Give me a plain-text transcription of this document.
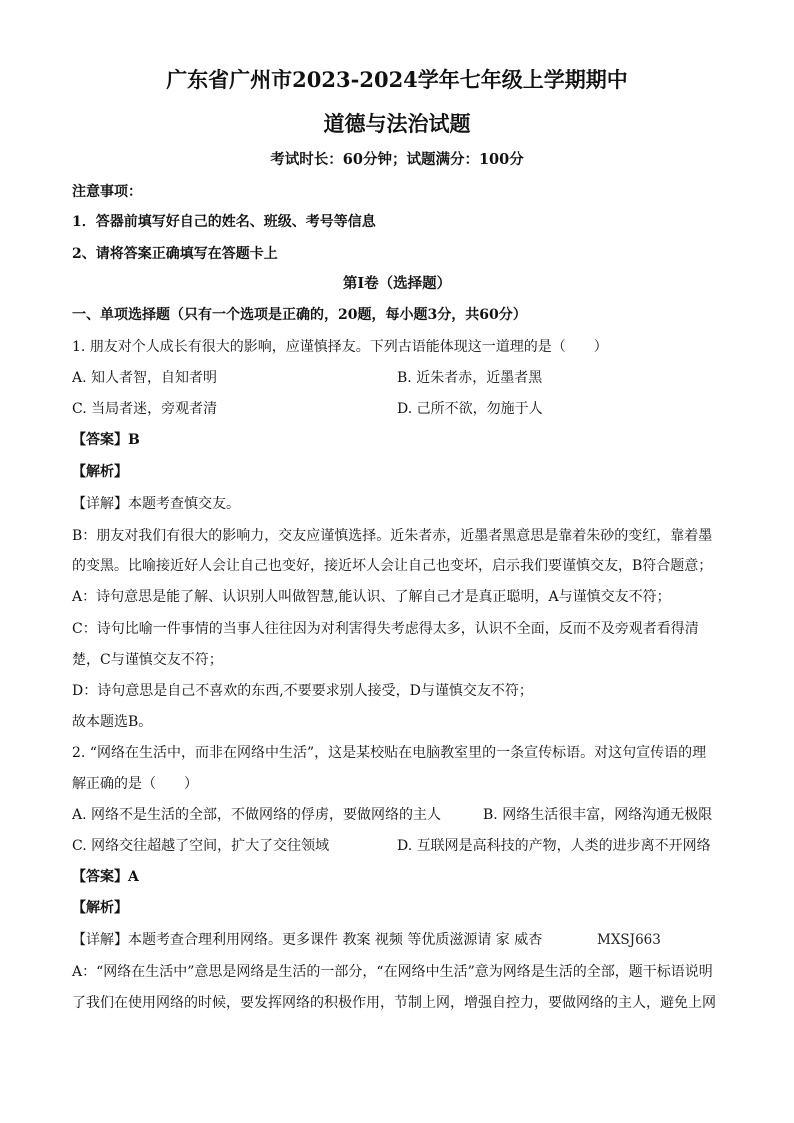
广东省广州市2023-2024学年七年级上学期期中
道德与法治试题
考试时长：60分钟；试题满分：100分
注意事项：
1．答器前填写好自己的姓名、班级、考号等信息
2、请将答案正确填写在答题卡上
第I卷（选择题）
一、单项选择题（只有一个选项是正确的，20题，每小题3分，共60分）
1. 朋友对个人成长有很大的影响，应谨慎择友。下列古语能体现这一道理的是（　　）
A. 知人者智，自知者明	B. 近朱者赤，近墨者黑
C. 当局者迷，旁观者清	D. 己所不欲，勿施于人
【答案】B
【解析】
【详解】本题考查慎交友。
B：朋友对我们有很大的影响力，交友应谨慎选择。近朱者赤，近墨者黑意思是靠着朱砂的变红，靠着墨
的变黑。比喻接近好人会让自己也变好，接近坏人会让自己也变坏，启示我们要谨慎交友，B符合题意；
A：诗句意思是能了解、认识别人叫做智慧,能认识、了解自己才是真正聪明，A与谨慎交友不符；
C：诗句比喻一件事情的当事人往往因为对利害得失考虑得太多，认识不全面，反而不及旁观者看得清
楚，C与谨慎交友不符；
D：诗句意思是自己不喜欢的东西,不要要求别人接受，D与谨慎交友不符；
故本题选B。
2. “网络在生活中，而非在网络中生活”，这是某校贴在电脑教室里的一条宣传标语。对这句宣传语的理
解正确的是（　　）
A. 网络不是生活的全部，不做网络的俘虏，要做网络的主人	B. 网络生活很丰富，网络沟通无极限
C. 网络交往超越了空间，扩大了交往领域	D. 互联网是高科技的产物，人类的进步离不开网络
【答案】A
【解析】
【详解】本题考查合理利用网络。更多课件 教案 视频 等优质滋源请 家 威杏	MXSJ663
A：“网络在生活中”意思是网络是生活的一部分，“在网络中生活”意为网络是生活的全部，题干标语说明
了我们在使用网络的时候，要发挥网络的积极作用，节制上网，增强自控力，要做网络的主人，避免上网
